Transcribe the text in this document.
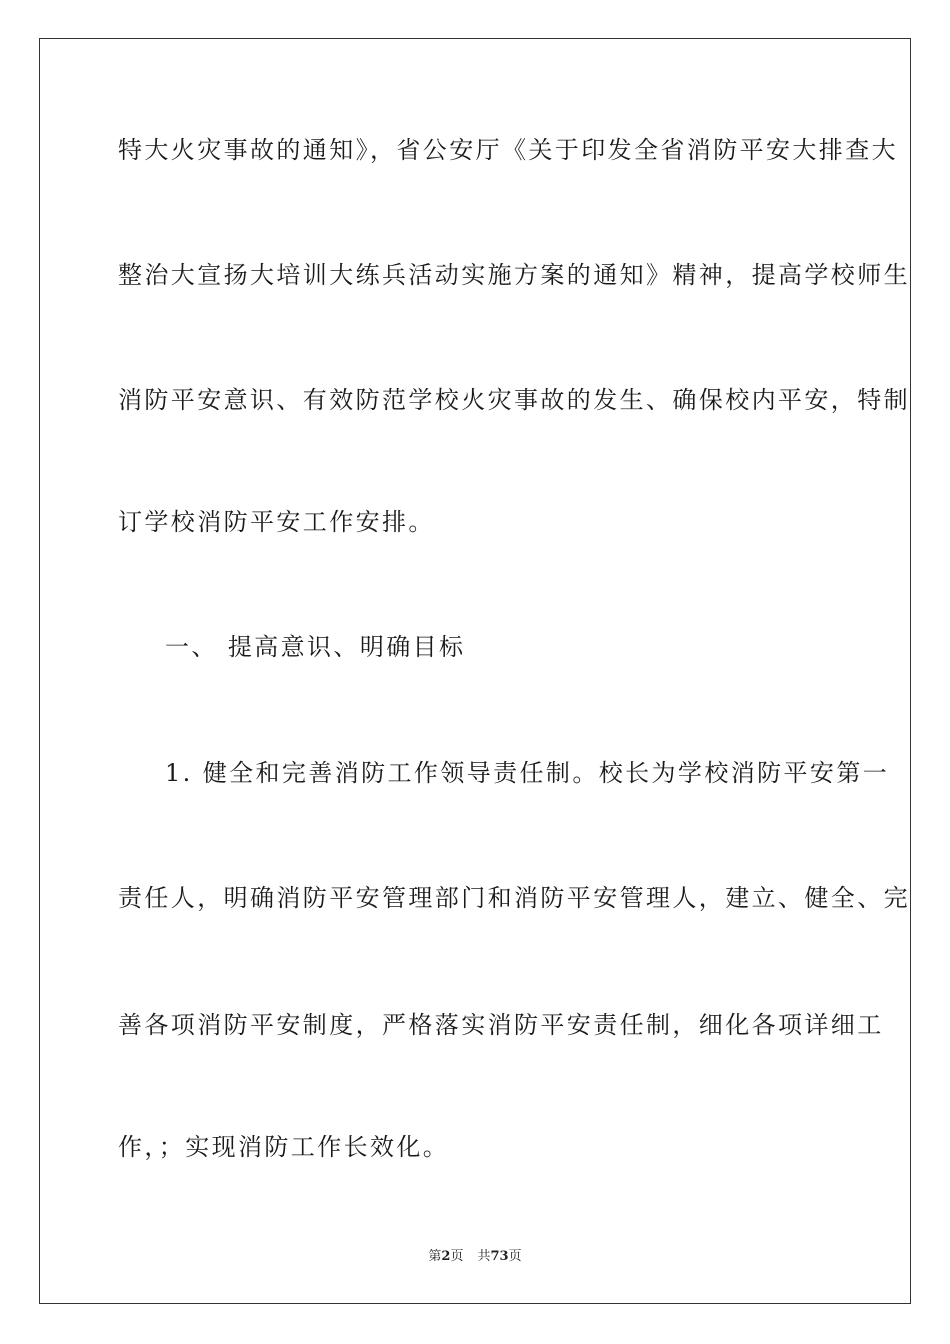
特大火灾事故的通知》，省公安厅《关于印发全省消防平安大排查大
整治大宣扬大培训大练兵活动实施方案的通知》精神，提高学校师生
消防平安意识、有效防范学校火灾事故的发生、确保校内平安，特制
订学校消防平安工作安排。
一、 提高意识、明确目标
1. 健全和完善消防工作领导责任制。校长为学校消防平安第一
责任人，明确消防平安管理部门和消防平安管理人，建立、健全、完
善各项消防平安制度，严格落实消防平安责任制，细化各项详细工
作，；实现消防工作长效化。
第2页 共73页
